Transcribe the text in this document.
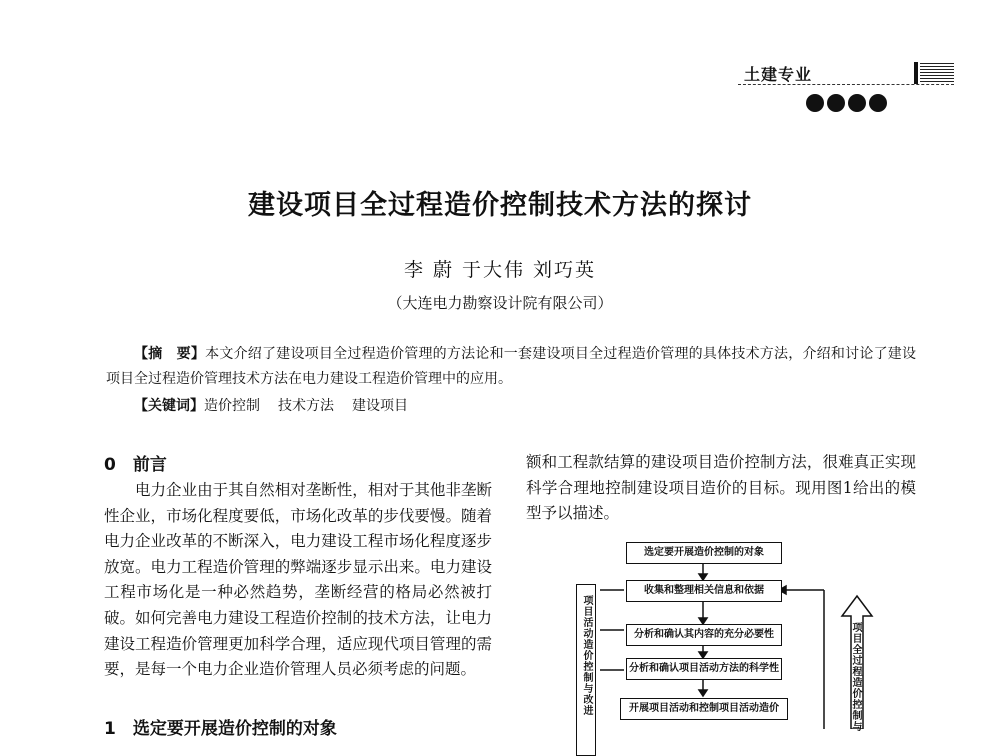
土建专业
建设项目全过程造价控制技术方法的探讨
李 蔚 于大伟 刘巧英
（大连电力勘察设计院有限公司）
【摘　要】本文介绍了建设项目全过程造价管理的方法论和一套建设项目全过程造价管理的具体技术方法，介绍和讨论了建设项目全过程造价管理技术方法在电力建设工程造价管理中的应用。
【关键词】造价控制 技术方法 建设项目
0　前言
电力企业由于其自然相对垄断性，相对于其他非垄断性企业，市场化程度要低，市场化改革的步伐要慢。随着电力企业改革的不断深入，电力建设工程市场化程度逐步放宽。电力工程造价管理的弊端逐步显示出来。电力建设工程市场化是一种必然趋势，垄断经营的格局必然被打破。如何完善电力建设工程造价控制的技术方法，让电力建设工程造价管理更加科学合理，适应现代项目管理的需要，是每一个电力企业造价管理人员必须考虑的问题。
1　选定要开展造价控制的对象
额和工程款结算的建设项目造价控制方法，很难真正实现科学合理地控制建设项目造价的目标。现用图1给出的模型予以描述。
选定要开展造价控制的对象
收集和整理相关信息和依据
分析和确认其内容的充分必要性
分析和确认项目活动方法的科学性
开展项目活动和控制项目活动造价
项目活动造价控制与改进	项目全过程造价控制与
